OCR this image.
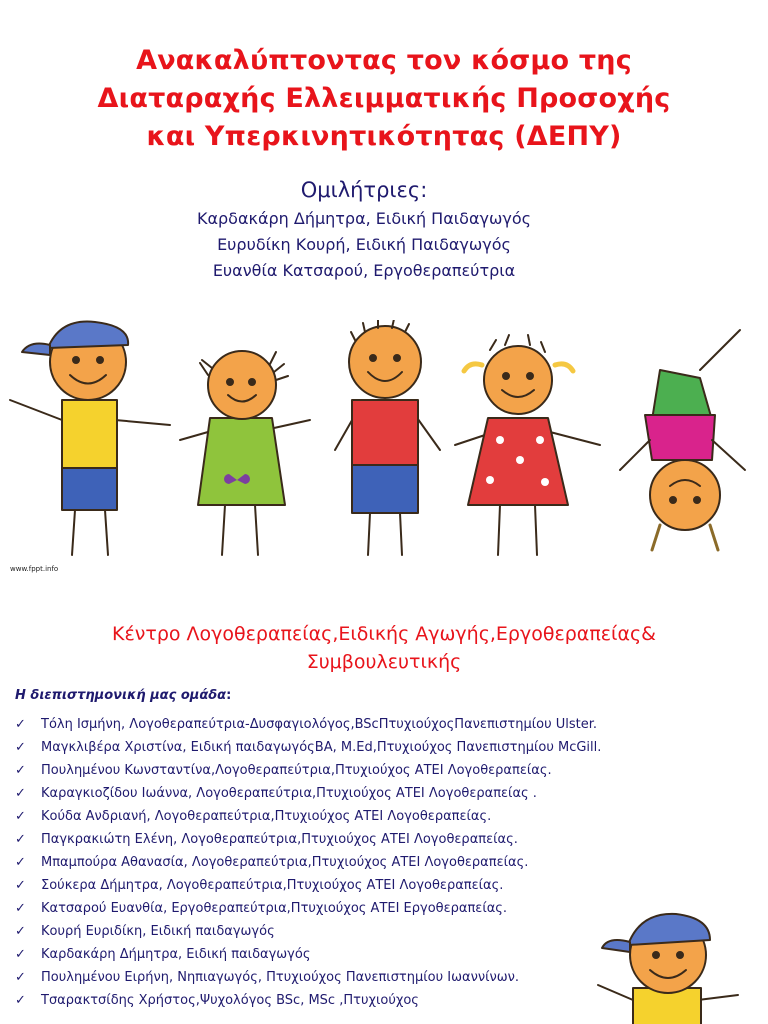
Ανακαλύπτοντας τον κόσμο της
Διαταραχής Ελλειμματικής Προσοχής
και Υπερκινητικότητας (ΔΕΠΥ)
Ομιλήτριες:
Καρδακάρη Δήμητρα, Ειδική Παιδαγωγός
Ευρυδίκη Κουρή, Ειδική Παιδαγωγός
Ευανθία Κατσαρού, Εργοθεραπεύτρια
www.fppt.info
Κέντρο Λογοθεραπείας,Ειδικής Αγωγής,Εργοθεραπείας&
Συμβουλευτικής
Η διεπιστημονική μας ομάδα:
✓ Τόλη Ισμήνη, Λογοθεραπεύτρια-Δυσφαγιολόγος,BScΠτυχιούχοςΠανεπιστημίου Ulster.
✓ Μαγκλιβέρα Χριστίνα, Ειδική παιδαγωγόςΒΑ, Μ.Ed,Πτυχιούχος Πανεπιστημίου McGill.
✓ Πουλημένου Κωνσταντίνα,Λογοθεραπεύτρια,Πτυχιούχος ΑΤΕΙ Λογοθεραπείας.
✓ Καραγκιοζίδου Ιωάννα, Λογοθεραπεύτρια,Πτυχιούχος ΑΤΕΙ Λογοθεραπείας .
✓ Κούδα Ανδριανή, Λογοθεραπεύτρια,Πτυχιούχος ΑΤΕΙ Λογοθεραπείας.
✓ Παγκρακιώτη Ελένη, Λογοθεραπεύτρια,Πτυχιούχος ΑΤΕΙ Λογοθεραπείας.
✓ Μπαμπούρα Αθανασία, Λογοθεραπεύτρια,Πτυχιούχος ΑΤΕΙ Λογοθεραπείας.
✓ Σούκερα Δήμητρα, Λογοθεραπεύτρια,Πτυχιούχος ΑΤΕΙ Λογοθεραπείας.
✓ Κατσαρού Ευανθία, Εργοθεραπεύτρια,Πτυχιούχος ΑΤΕΙ Εργοθεραπείας.
✓ Κουρή Ευριδίκη, Ειδική παιδαγωγός
✓ Καρδακάρη Δήμητρα, Ειδική παιδαγωγός
✓ Πουλημένου Ειρήνη, Νηπιαγωγός, Πτυχιούχος Πανεπιστημίου Ιωαννίνων.
✓ Τσαρακτσίδης Χρήστος,Ψυχολόγος BSc, MSc ,Πτυχιούχος
